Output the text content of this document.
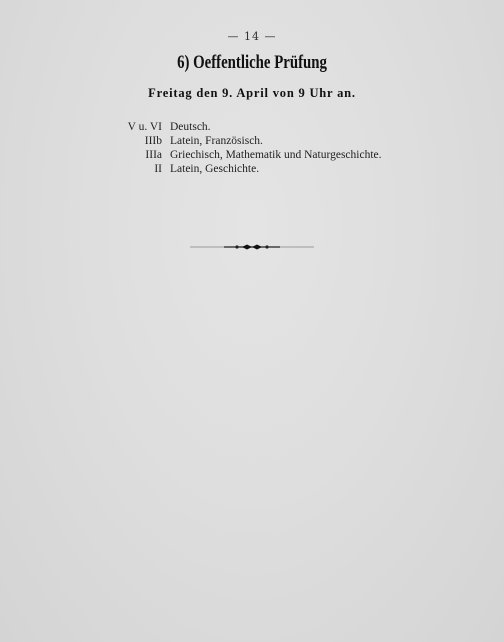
— 14 —
6) Oeffentliche Prüfung
Freitag den 9. April von 9 Uhr an.
V u. VI Deutsch.
IIIb Latein, Französisch.
IIIa Griechisch, Mathematik und Naturgeschichte.
II Latein, Geschichte.
